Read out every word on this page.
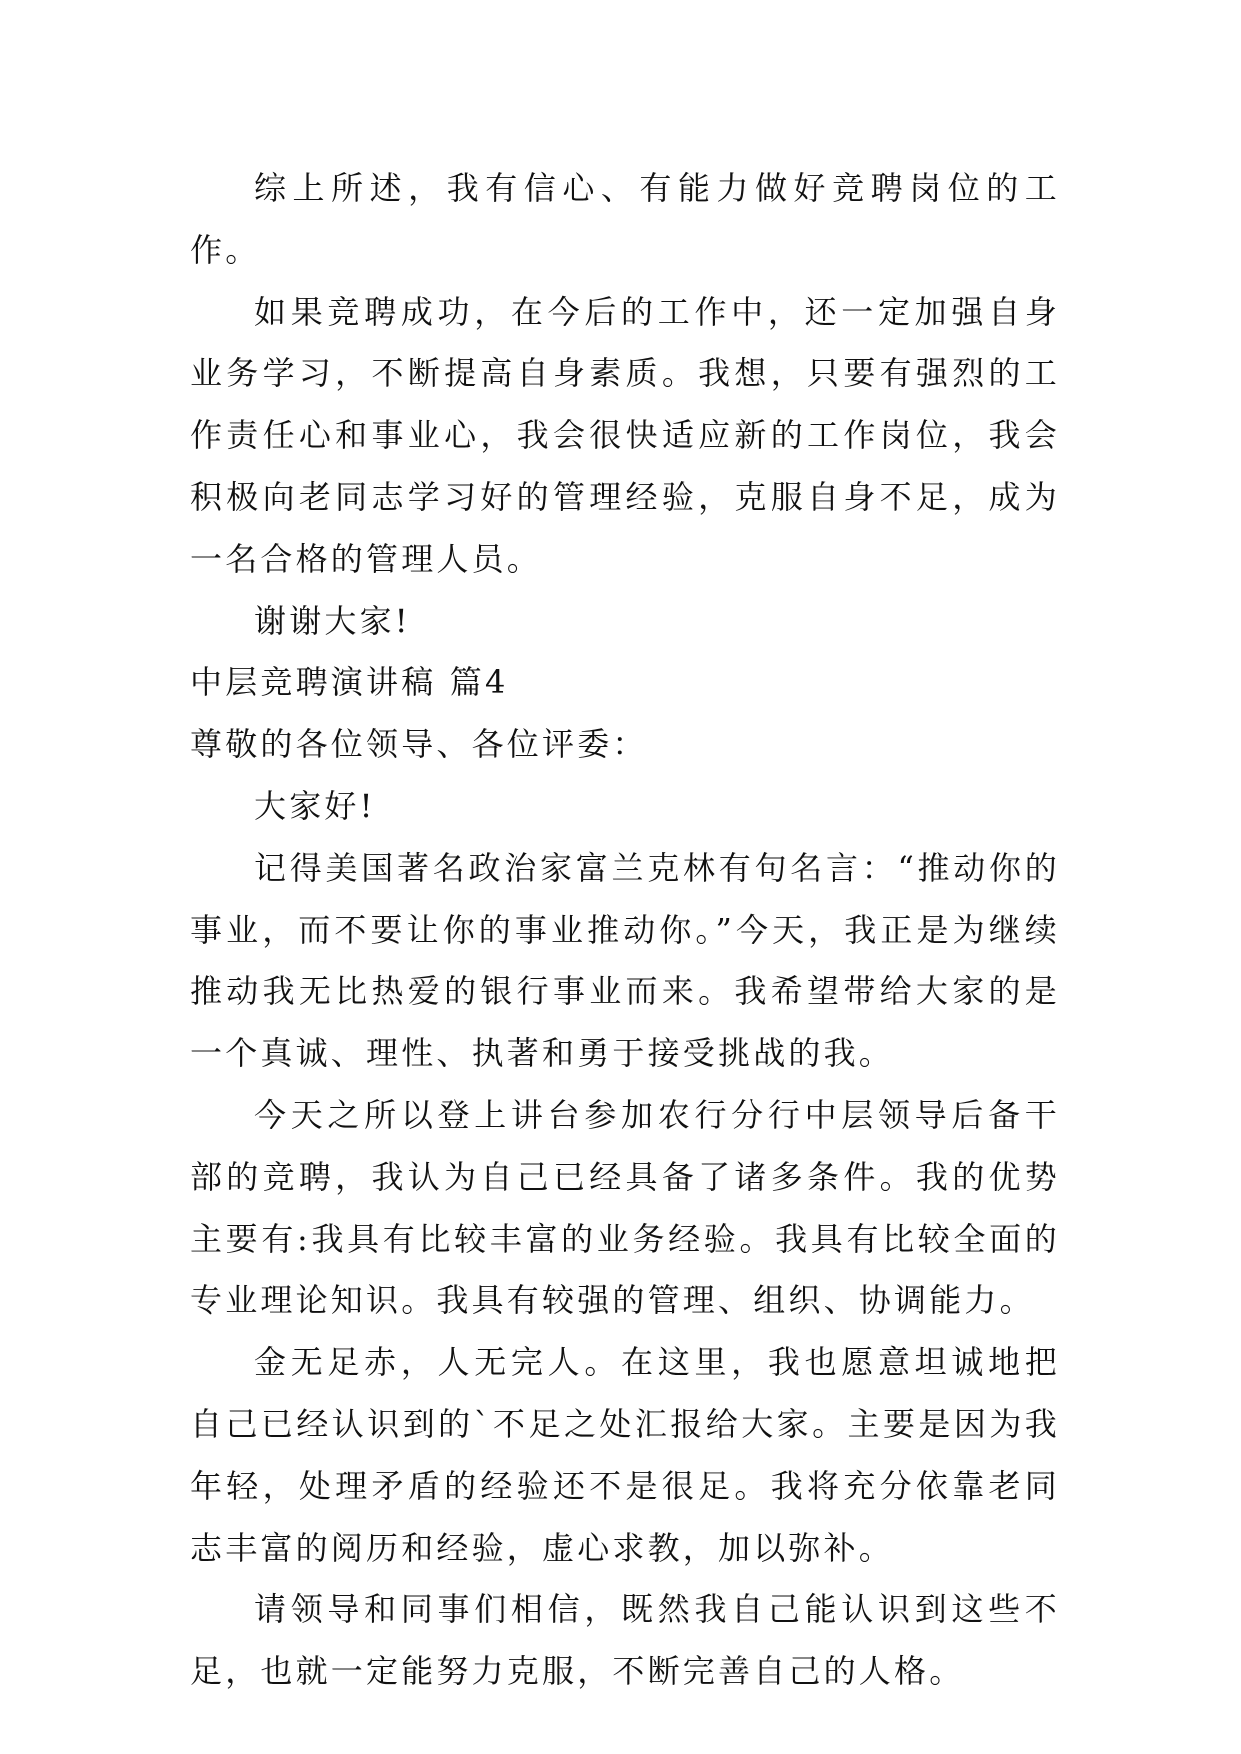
综上所述，我有信心、有能力做好竞聘岗位的工作。

如果竞聘成功，在今后的工作中，还一定加强自身业务学习，不断提高自身素质。我想，只要有强烈的工作责任心和事业心，我会很快适应新的工作岗位，我会积极向老同志学习好的管理经验，克服自身不足，成为一名合格的管理人员。

谢谢大家!

中层竞聘演讲稿 篇4

尊敬的各位领导、各位评委：

大家好!

记得美国著名政治家富兰克林有句名言：“推动你的事业，而不要让你的事业推动你。”今天，我正是为继续推动我无比热爱的银行事业而来。我希望带给大家的是一个真诚、理性、执著和勇于接受挑战的我。

今天之所以登上讲台参加农行分行中层领导后备干部的竞聘，我认为自己已经具备了诸多条件。我的优势主要有:我具有比较丰富的业务经验。我具有比较全面的专业理论知识。我具有较强的管理、组织、协调能力。

金无足赤，人无完人。在这里，我也愿意坦诚地把自己已经认识到的`不足之处汇报给大家。主要是因为我年轻，处理矛盾的经验还不是很足。我将充分依靠老同志丰富的阅历和经验，虚心求教，加以弥补。

请领导和同事们相信，既然我自己能认识到这些不足，也就一定能努力克服，不断完善自己的人格。
